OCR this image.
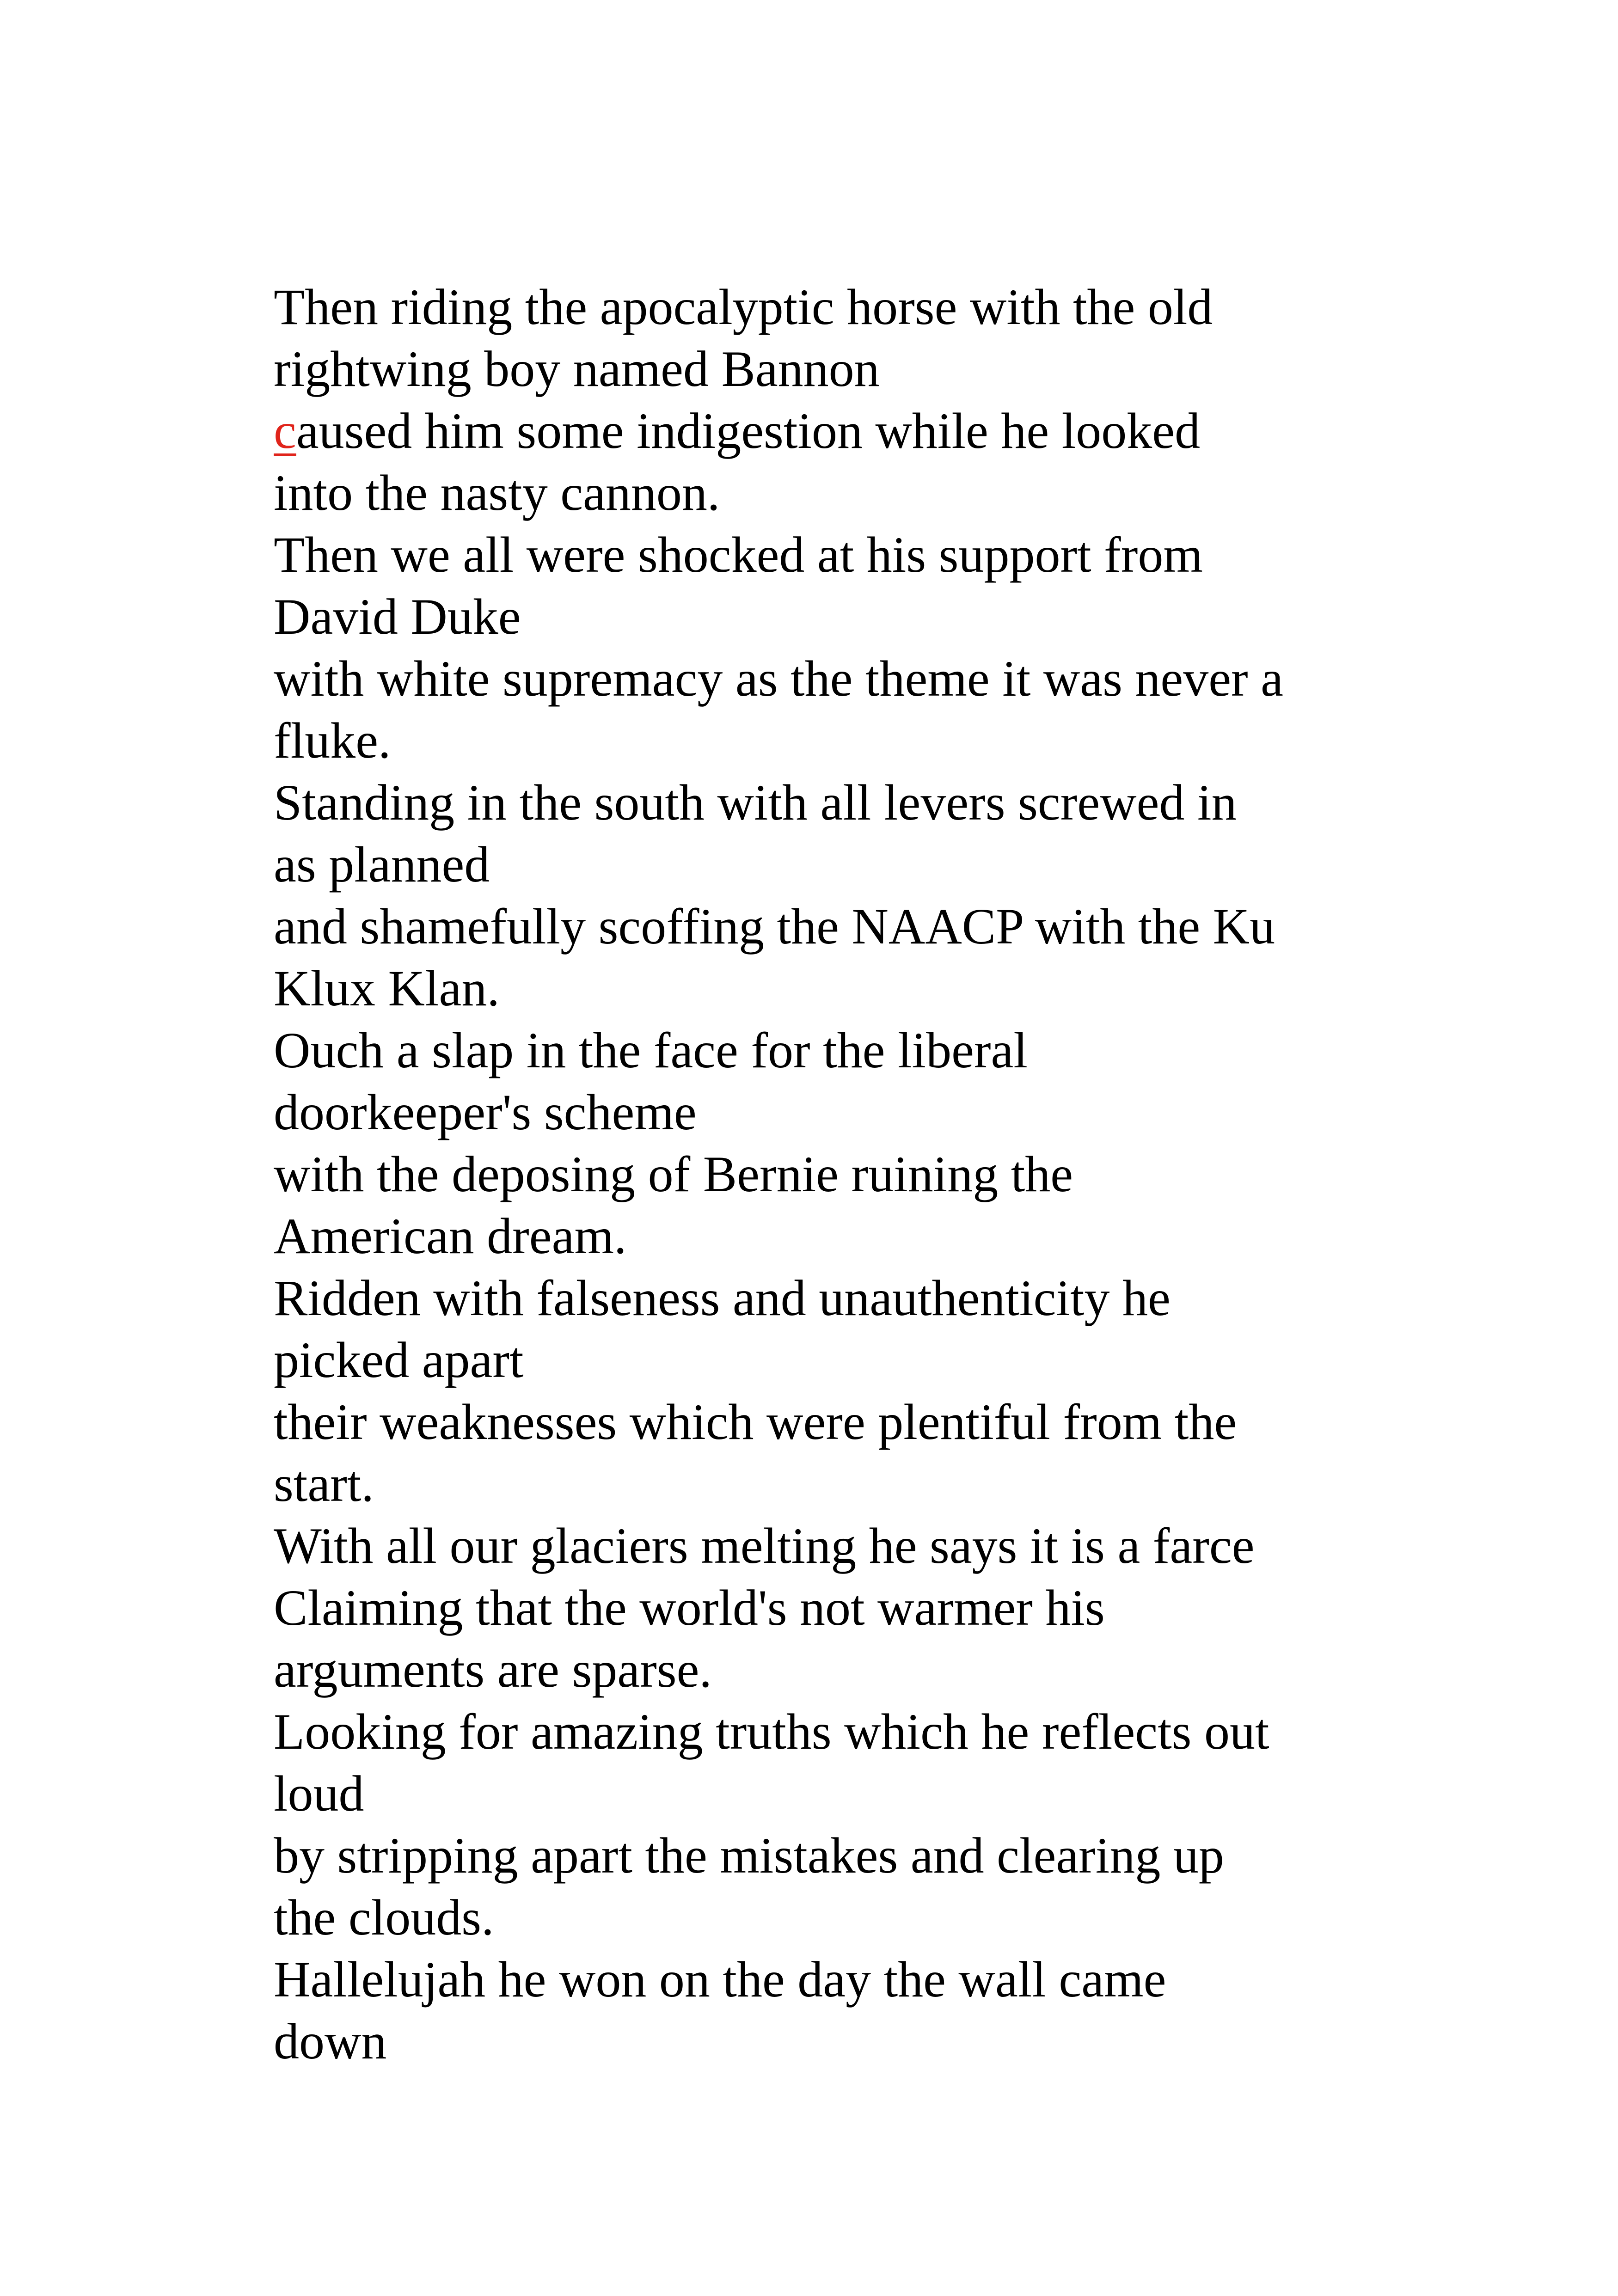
Then riding the apocalyptic horse with the old
rightwing boy named Bannon
caused him some indigestion while he looked
into the nasty cannon.
Then we all were shocked at his support from
David Duke
with white supremacy as the theme it was never a
fluke.
Standing in the south with all levers screwed in
as planned
and shamefully scoffing the NAACP with the Ku
Klux Klan.
Ouch a slap in the face for the liberal
doorkeeper's scheme
with the deposing of Bernie ruining the
American dream.
Ridden with falseness and unauthenticity he
picked apart
their weaknesses which were plentiful from the
start.
With all our glaciers melting he says it is a farce
Claiming that the world's not warmer his
arguments are sparse.
Looking for amazing truths which he reflects out
loud
by stripping apart the mistakes and clearing up
the clouds.
Hallelujah he won on the day the wall came
down
